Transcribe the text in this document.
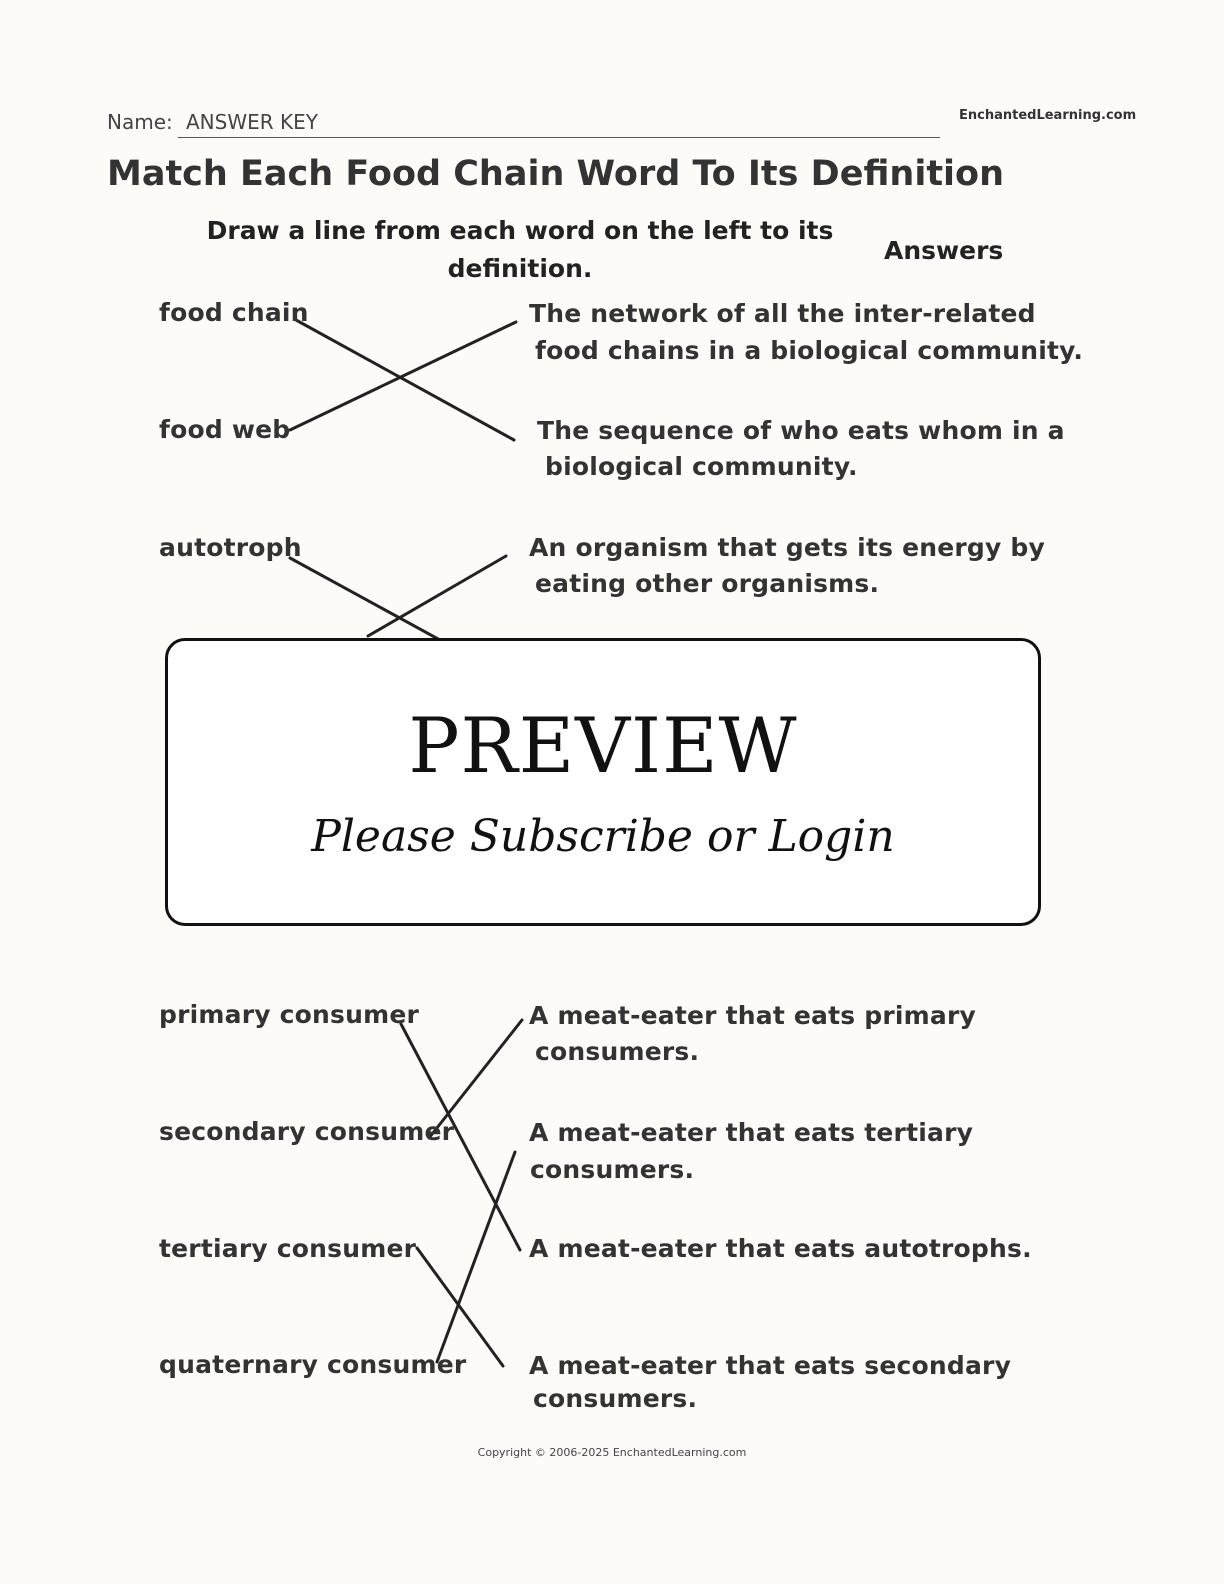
Name: ANSWER KEY	EnchantedLearning.com
Match Each Food Chain Word To Its Definition
Draw a line from each word on the left to its definition.
Answers
food chain
food web
autotroph
The network of all the inter-related
food chains in a biological community.
The sequence of who eats whom in a
biological community.
An organism that gets its energy by
eating other organisms.
primary consumer
secondary consumer
tertiary consumer
quaternary consumer
A meat-eater that eats primary
consumers.
A meat-eater that eats tertiary
consumers.
A meat-eater that eats autotrophs.
A meat-eater that eats secondary
consumers.
PREVIEW
Please Subscribe or Login
Copyright © 2006-2025 EnchantedLearning.com
